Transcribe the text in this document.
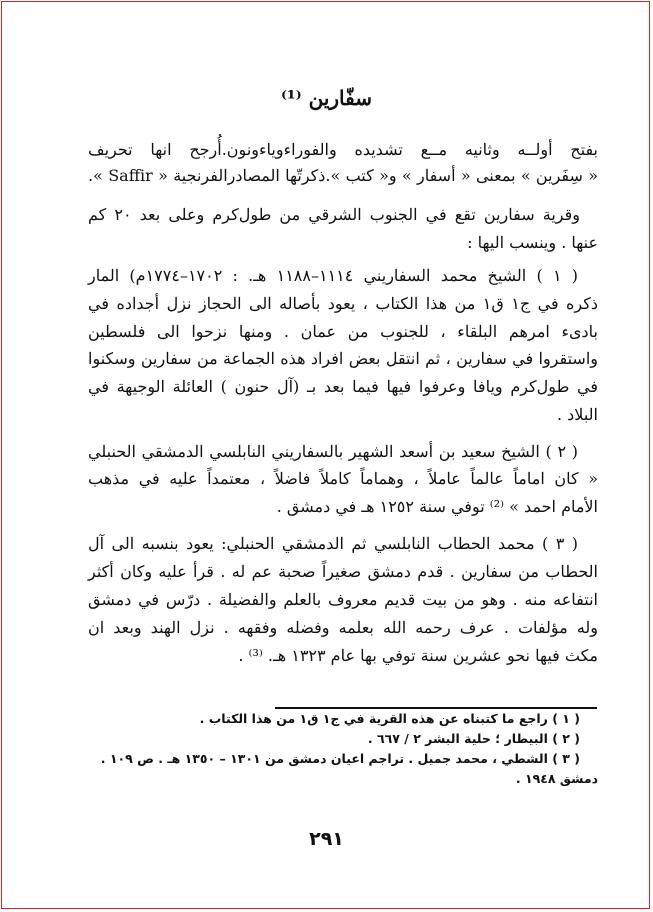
سفّارين ⁽¹⁾
بفتح أولــه وثانيه مــع تشديده والفوراءوياءونون.أُرجح انها تحريف
« سِفَرين » بمعنى « أسفار » و« كتب ».ذكرتّها المصادرالفرنجية « Saffir ».
وقرية سفارين تقع في الجنوب الشرقي من طول‌كرم وعلى بعد ٢٠ كم
عنها . وينسب اليها :
( ١ ) الشيخ محمد السفاريني ١١١٤–١١٨٨ هـ. : ١٧٠٢–١٧٧٤م) المار
ذكره في ج١ ق١ من هذا الكتاب ، يعود بأصاله الى الحجاز نزل أجداده في
بادىء امرهم البلقاء ، للجنوب من عمان . ومنها نزحوا الى فلسطين
واستقروا في سفارين ، ثم انتقل بعض افراد هذه الجماعة من سفارين وسكنوا
في طول‌كرم ويافا وعرفوا فيها فيما بعد بـ (آل حنون ) العائلة الوجيهة في
البلاد .
( ٢ ) الشيخ سعيد بن أسعد الشهير بالسفاريني النابلسي الدمشقي الحنبلي
« كان اماماً عالماً عاملاً ، وهماماً كاملاً فاضلاً ، معتمداً عليه في مذهب
الأمام احمد » ⁽²⁾ توفي سنة ١٢٥٢ هـ في دمشق .
( ٣ ) محمد الحطاب النابلسي ثم الدمشقي الحنبلي: يعود بنسبه الى آل
الحطاب من سفارين . قدم دمشق صغيراً صحبة عم له . قرأ عليه وكان أكثر
انتفاعه منه . وهو من بيت قديم معروف بالعلم والفضيلة . درّس في دمشق
وله مؤلفات . عرف رحمه الله بعلمه وفضله وفقهه . نزل الهند وبعد ان
مكث فيها نحو عشرين سنة توفي بها عام ١٣٢٣ هـ. ⁽³⁾ .
( ١ ) راجع ما كتبناه عن هذه القرية في ج١ ق١ من هذا الكتاب .
( ٢ ) البيطار ؛ حلية البشر ٢ / ٦٦٧ .
( ٣ ) الشطي ، محمد جميل . تراجم اعيان دمشق من ١٣٠١ – ١٣٥٠ هـ . ص ١٠٩ .
دمشق ١٩٤٨ .
٢٩١
